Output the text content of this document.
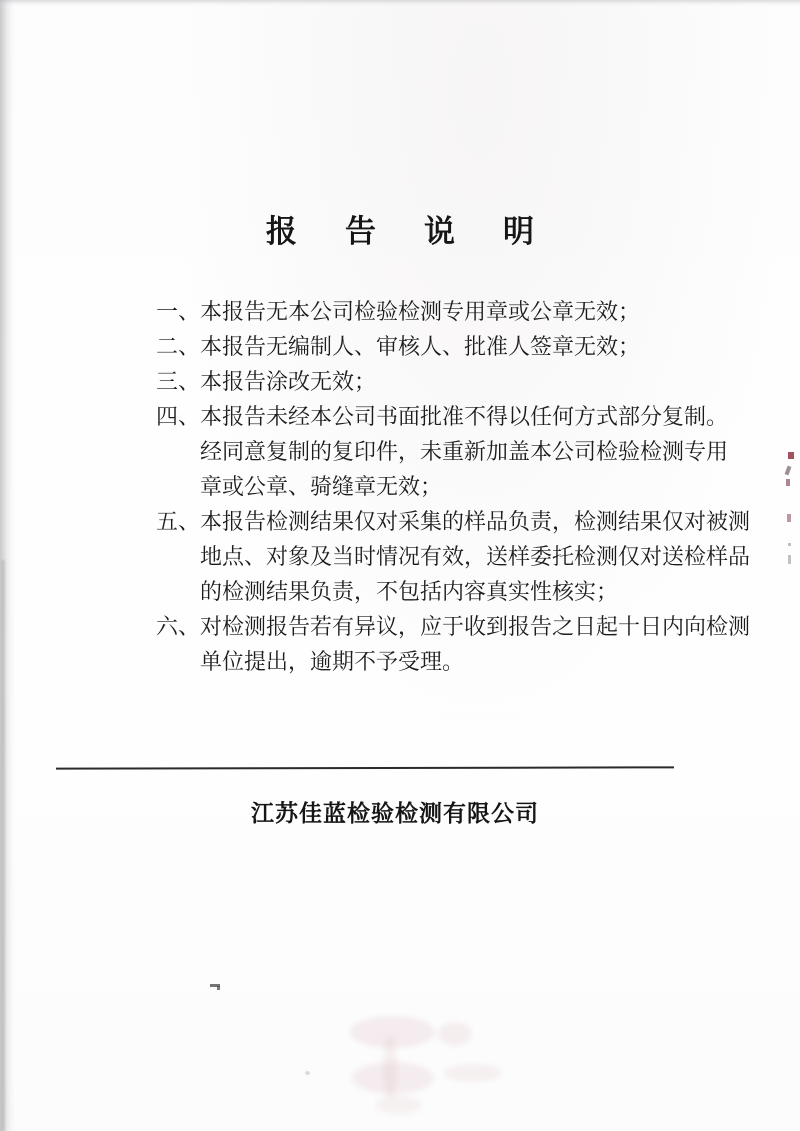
报 告 说 明
一、 本报告无本公司检验检测专用章或公章无效；
二、 本报告无编制人、审核人、批准人签章无效；
三、 本报告涂改无效；
四、 本报告未经本公司书面批准不得以任何方式部分复制。
经同意复制的复印件，未重新加盖本公司检验检测专用
章或公章、骑缝章无效；
五、 本报告检测结果仅对采集的样品负责，检测结果仅对被测
地点、对象及当时情况有效，送样委托检测仅对送检样品
的检测结果负责，不包括内容真实性核实；
六、 对检测报告若有异议，应于收到报告之日起十日内向检测
单位提出，逾期不予受理。
江苏佳蓝检验检测有限公司
